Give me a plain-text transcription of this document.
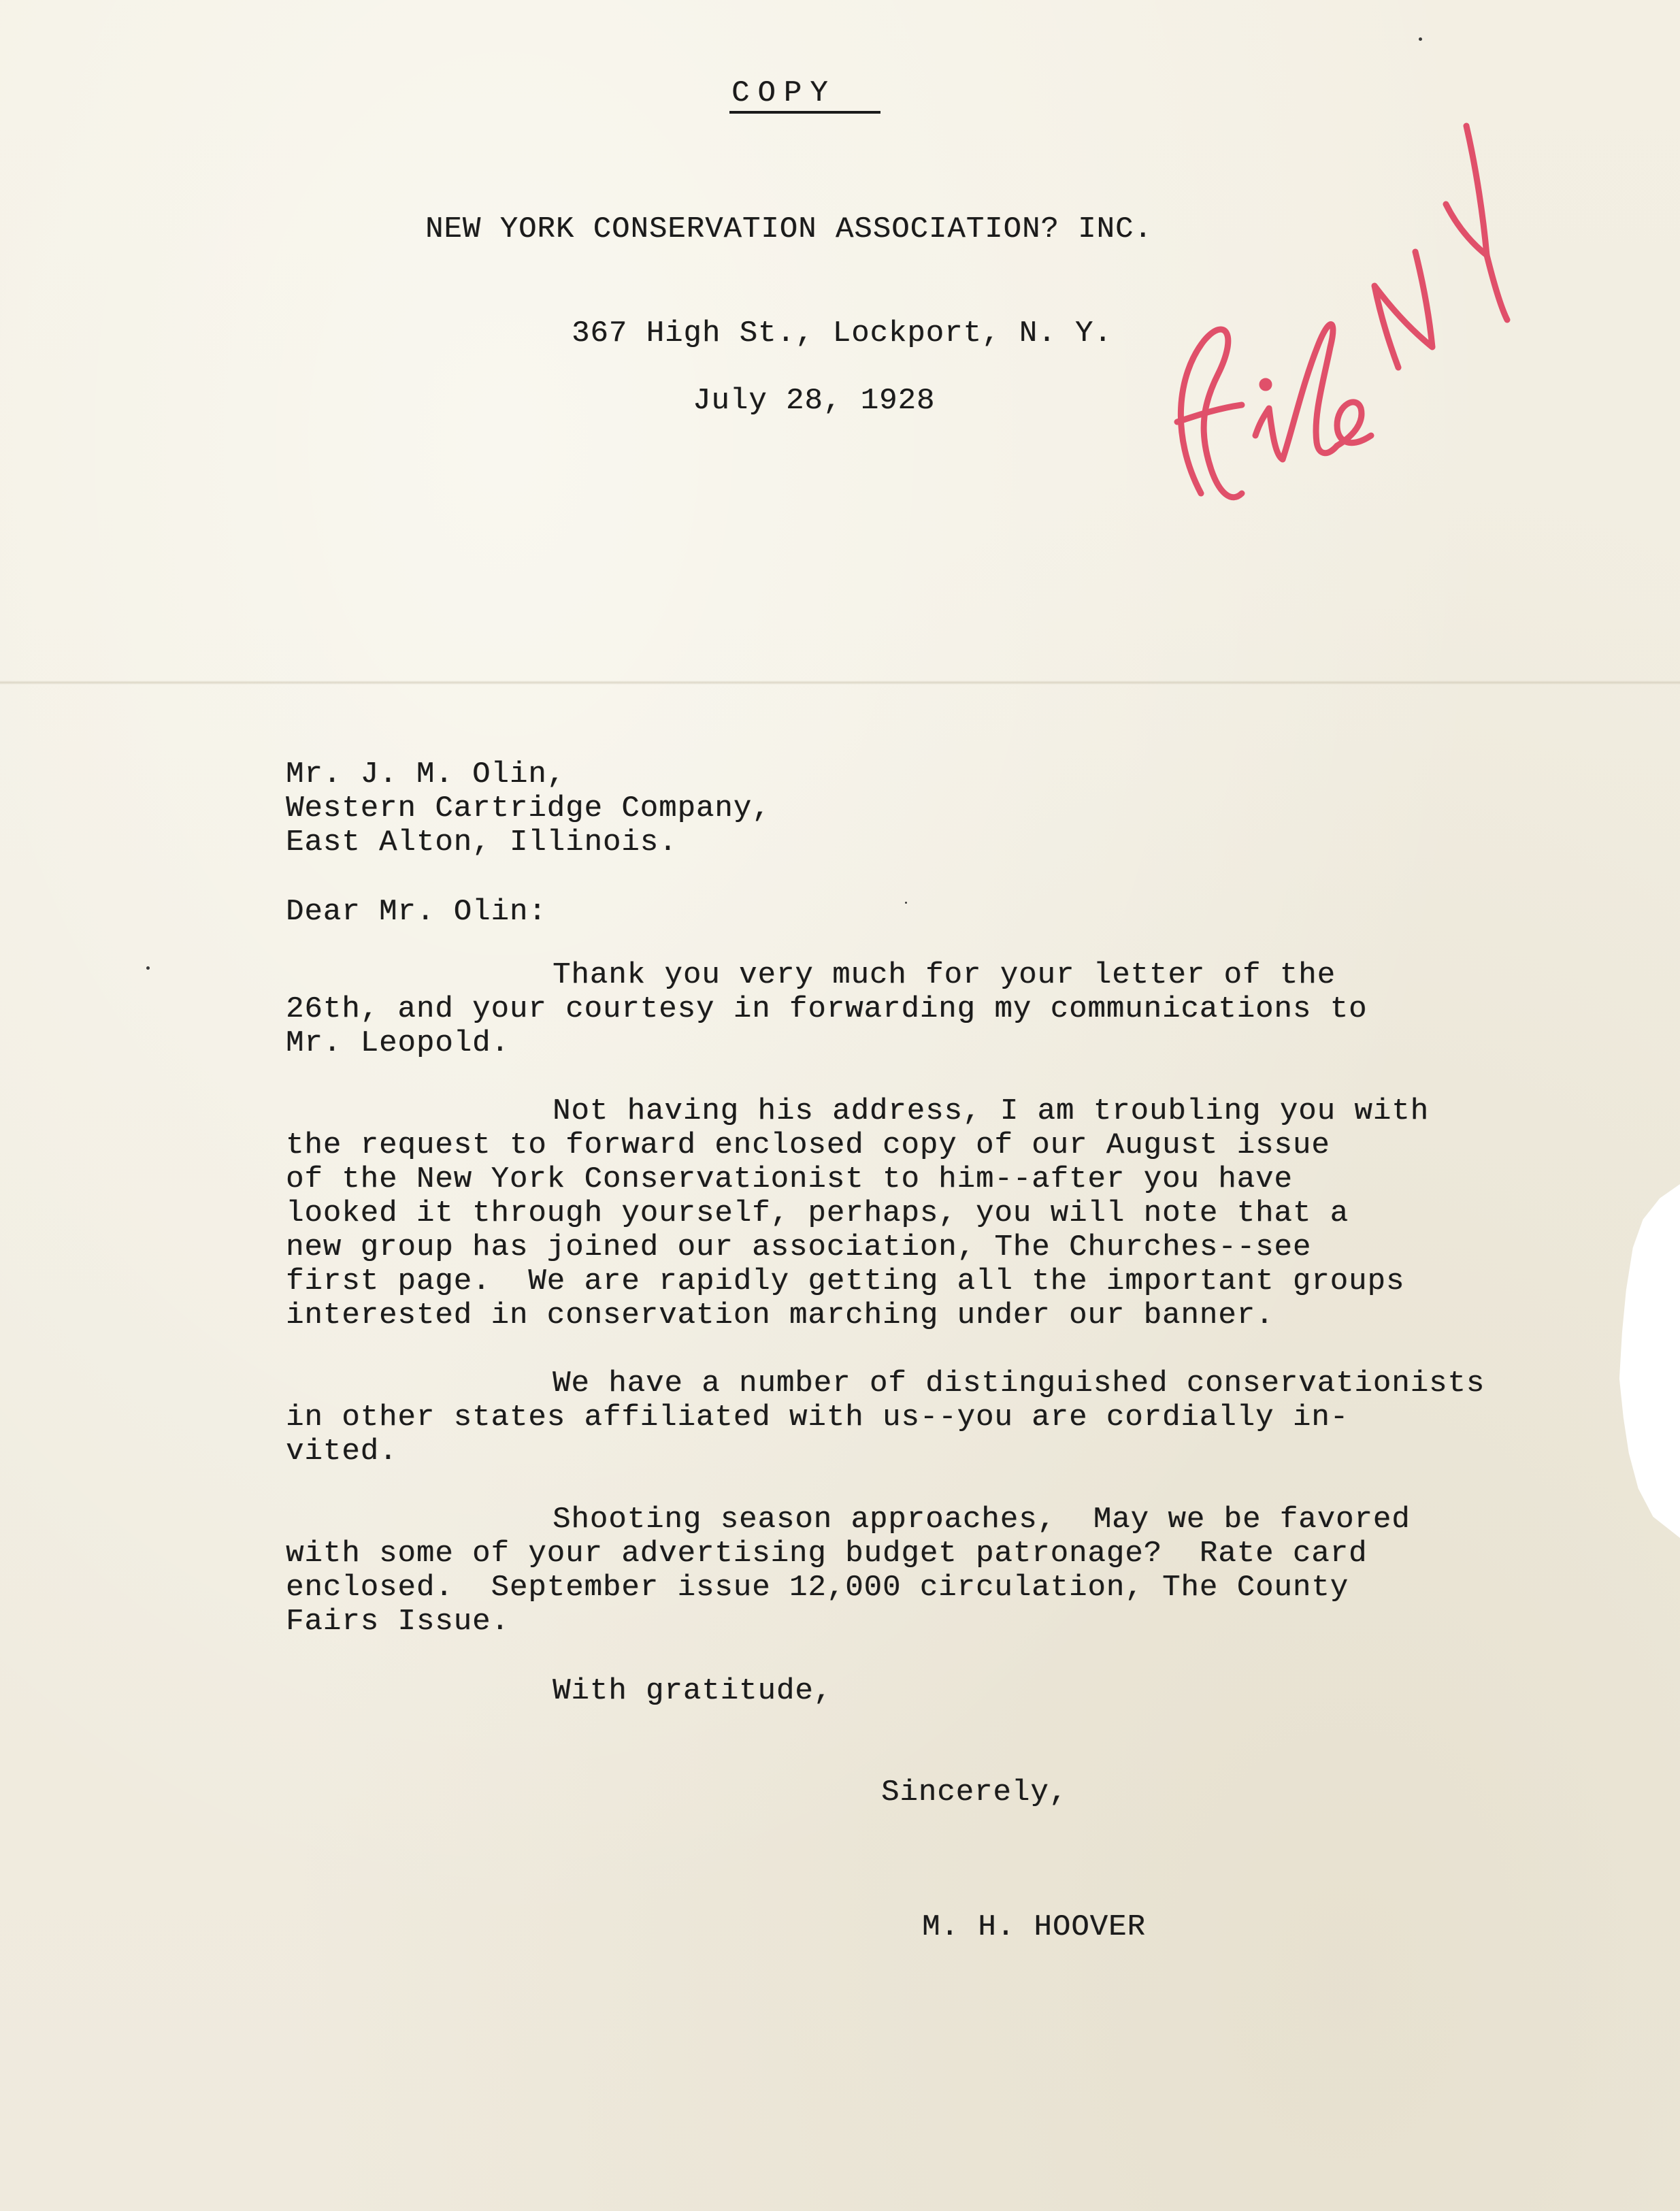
COPY

NEW YORK CONSERVATION ASSOCIATION? INC.

367 High St., Lockport, N. Y.

July 28, 1928

Mr. J. M. Olin,

Western Cartridge Company,

East Alton, Illinois.

Dear Mr. Olin:

Thank you very much for your letter of the
26th, and your courtesy in forwarding my communications to
Mr. Leopold.
Not having his address, I am troubling you with
the request to forward enclosed copy of our August issue
of the New York Conservationist to him--after you have
looked it through yourself, perhaps, you will note that a
new group has joined our association, The Churches--see
first page.  We are rapidly getting all the important groups
interested in conservation marching under our banner.
We have a number of distinguished conservationists
in other states affiliated with us--you are cordially in-
vited.
Shooting season approaches,  May we be favored
with some of your advertising budget patronage?  Rate card
enclosed.  September issue 12,000 circulation, The County
Fairs Issue.

With gratitude,

Sincerely,

M. H. HOOVER
